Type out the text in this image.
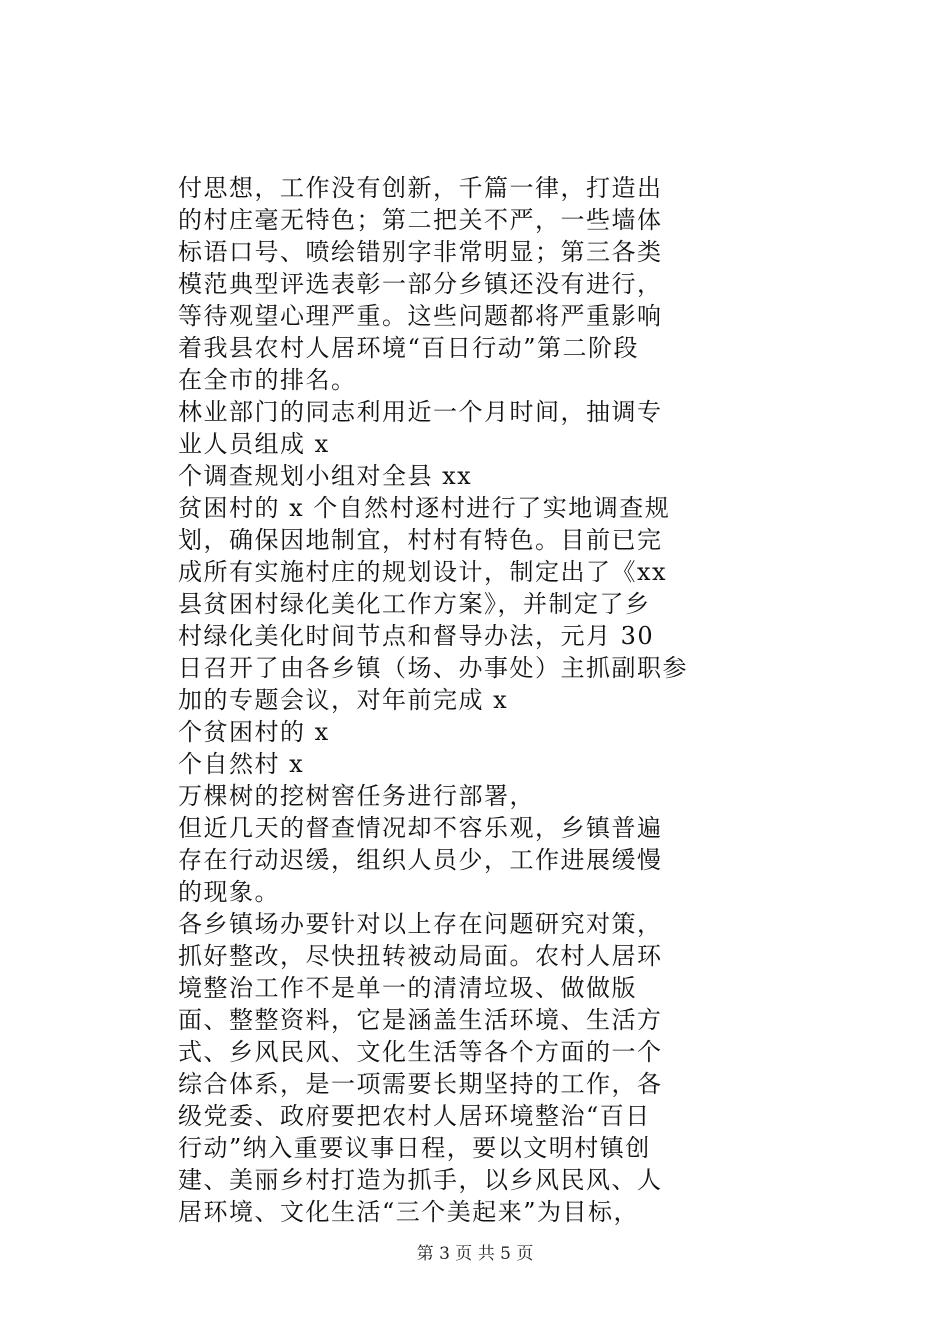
付思想，工作没有创新，千篇一律，打造出
的村庄毫无特色；第二把关不严，一些墙体
标语口号、喷绘错别字非常明显；第三各类
模范典型评选表彰一部分乡镇还没有进行，
等待观望心理严重。这些问题都将严重影响
着我县农村人居环境“百日行动”第二阶段
在全市的排名。
林业部门的同志利用近一个月时间，抽调专
业人员组成 x
个调查规划小组对全县 xx
贫困村的 x 个自然村逐村进行了实地调查规
划，确保因地制宜，村村有特色。目前已完
成所有实施村庄的规划设计，制定出了《xx
县贫困村绿化美化工作方案》，并制定了乡
村绿化美化时间节点和督导办法，元月 30
日召开了由各乡镇（场、办事处）主抓副职参
加的专题会议，对年前完成 x
个贫困村的 x
个自然村 x
万棵树的挖树窖任务进行部署，
但近几天的督查情况却不容乐观，乡镇普遍
存在行动迟缓，组织人员少，工作进展缓慢
的现象。
各乡镇场办要针对以上存在问题研究对策，
抓好整改，尽快扭转被动局面。农村人居环
境整治工作不是单一的清清垃圾、做做版
面、整整资料，它是涵盖生活环境、生活方
式、乡风民风、文化生活等各个方面的一个
综合体系，是一项需要长期坚持的工作，各
级党委、政府要把农村人居环境整治“百日
行动”纳入重要议事日程，要以文明村镇创
建、美丽乡村打造为抓手，以乡风民风、人
居环境、文化生活“三个美起来”为目标，
第 3 页 共 5 页
